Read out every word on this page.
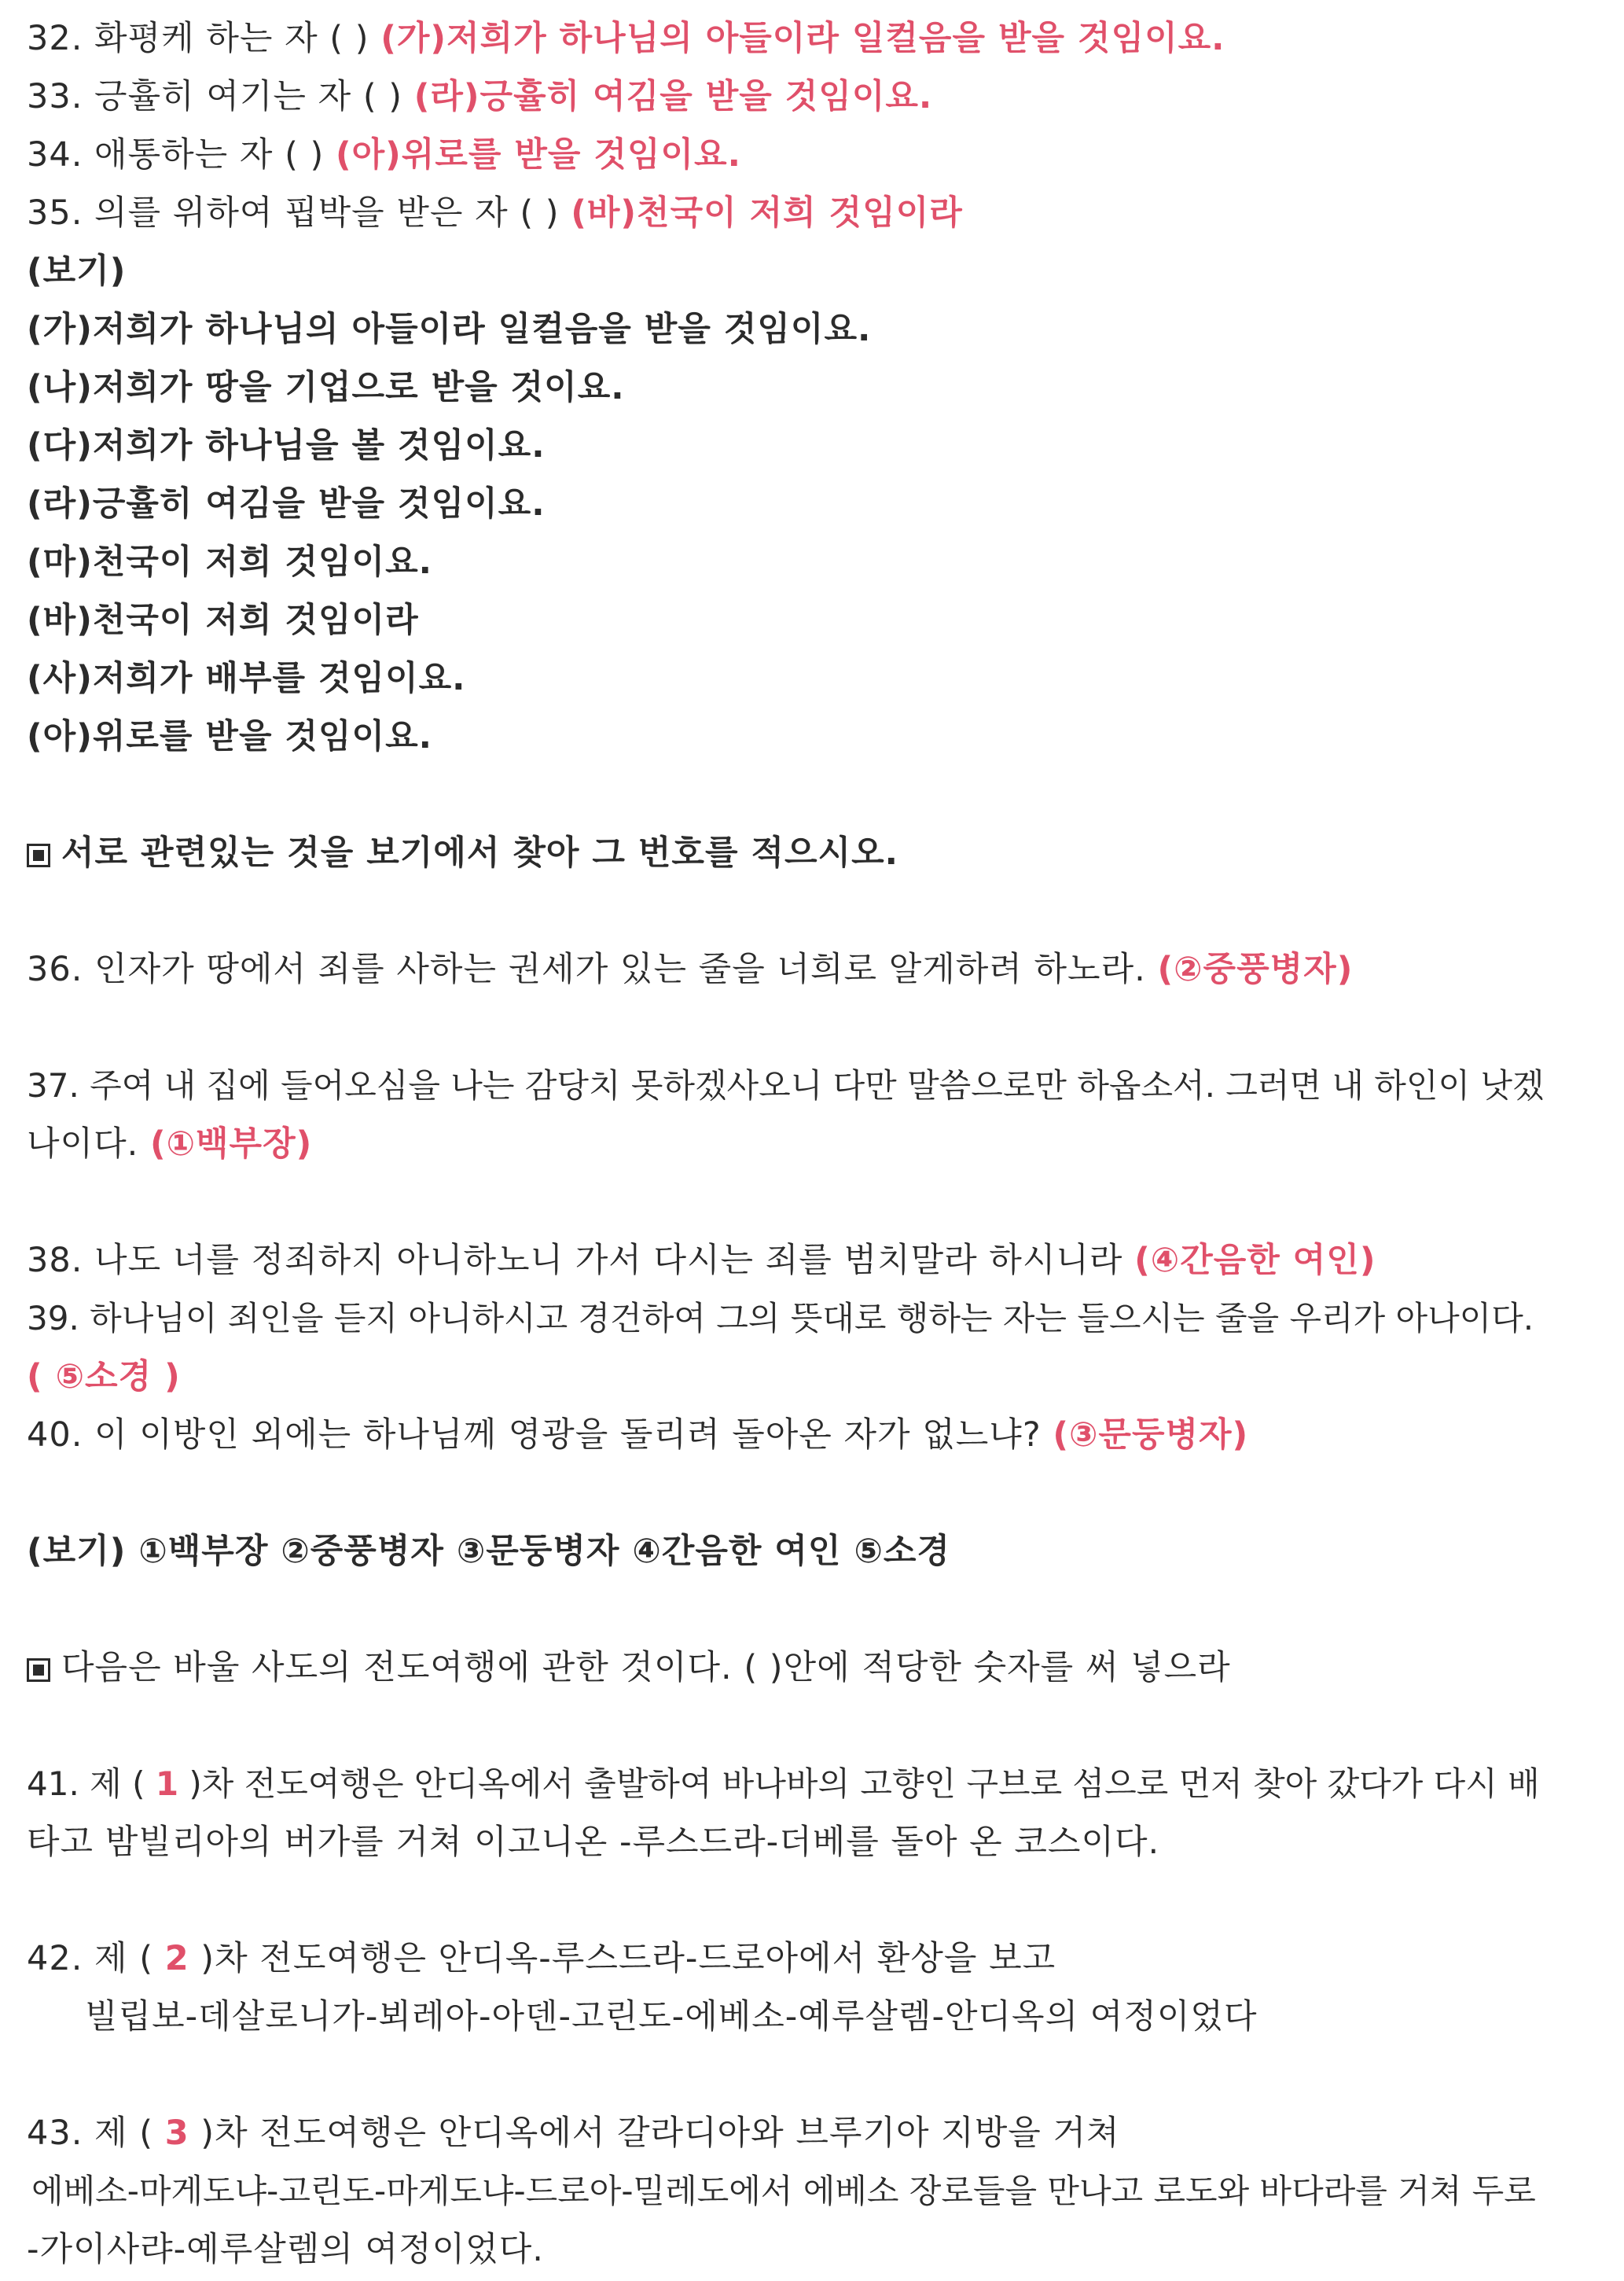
32. 화평케 하는 자 ( ) (가)저희가 하나님의 아들이라 일컬음을 받을 것임이요.
33. 긍휼히 여기는 자 ( ) (라)긍휼히 여김을 받을 것임이요.
34. 애통하는 자 ( ) (아)위로를 받을 것임이요.
35. 의를 위하여 핍박을 받은 자 ( ) (바)천국이 저희 것임이라
(보기)
(가)저희가 하나님의 아들이라 일컬음을 받을 것임이요.
(나)저희가 땅을 기업으로 받을 것이요.
(다)저희가 하나님을 볼 것임이요.
(라)긍휼히 여김을 받을 것임이요.
(마)천국이 저희 것임이요.
(바)천국이 저희 것임이라
(사)저희가 배부를 것임이요.
(아)위로를 받을 것임이요.
서로 관련있는 것을 보기에서 찾아 그 번호를 적으시오.
36. 인자가 땅에서 죄를 사하는 권세가 있는 줄을 너희로 알게하려 하노라. (②중풍병자)
37. 주여 내 집에 들어오심을 나는 감당치 못하겠사오니 다만 말씀으로만 하옵소서. 그러면 내 하인이 낫겠
나이다. (①백부장)
38. 나도 너를 정죄하지 아니하노니 가서 다시는 죄를 범치말라 하시니라 (④간음한 여인)
39. 하나님이 죄인을 듣지 아니하시고 경건하여 그의 뜻대로 행하는 자는 들으시는 줄을 우리가 아나이다.
( ⑤소경 )
40. 이 이방인 외에는 하나님께 영광을 돌리려 돌아온 자가 없느냐? (③문둥병자)
(보기) ①백부장 ②중풍병자 ③문둥병자 ④간음한 여인 ⑤소경
다음은 바울 사도의 전도여행에 관한 것이다. ( )안에 적당한 숫자를 써 넣으라
41. 제 ( 1 )차 전도여행은 안디옥에서 출발하여 바나바의 고향인 구브로 섬으로 먼저 찾아 갔다가 다시 배
타고 밤빌리아의 버가를 거쳐 이고니온 -루스드라-더베를 돌아 온 코스이다.
42. 제 ( 2 )차 전도여행은 안디옥-루스드라-드로아에서 환상을 보고
빌립보-데살로니가-뵈레아-아덴-고린도-에베소-예루살렘-안디옥의 여정이었다
43. 제 ( 3 )차 전도여행은 안디옥에서 갈라디아와 브루기아 지방을 거쳐
에베소-마게도냐-고린도-마게도냐-드로아-밀레도에서 에베소 장로들을 만나고 로도와 바다라를 거쳐 두로
-가이사랴-예루살렘의 여정이었다.
